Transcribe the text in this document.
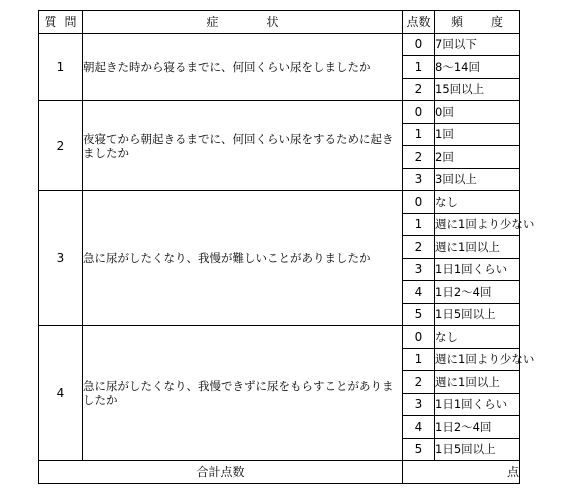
質問	症状	点数	頻度
1	朝起きた時から寝るまでに、何回くらい尿をしましたか	0	7回以下
		1	8～14回
		2	15回以上
2	夜寝てから朝起きるまでに、何回くらい尿をするために起きましたか	0	0回
		1	1回
		2	2回
		3	3回以上
3	急に尿がしたくなり、我慢が難しいことがありましたか	0	なし
		1	週に1回より少ない
		2	週に1回以上
		3	1日1回くらい
		4	1日2～4回
		5	1日5回以上
4	急に尿がしたくなり、我慢できずに尿をもらすことがありましたか	0	なし
		1	週に1回より少ない
		2	週に1回以上
		3	1日1回くらい
		4	1日2～4回
		5	1日5回以上
合計点数		点	
